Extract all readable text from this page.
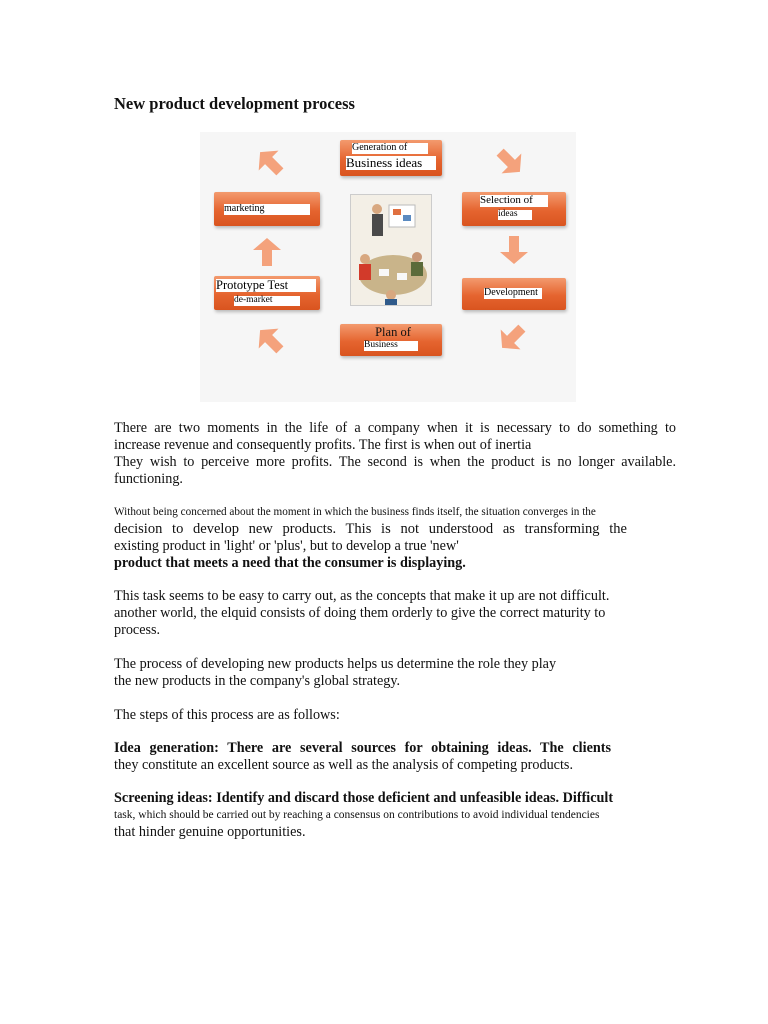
New product development process
Generation of
Business ideas
Selection of
ideas
Development
Plan of
Business
Prototype Test
de-market
marketing
There are two moments in the life of a company when it is necessary to do something to
increase revenue and consequently profits. The first is when out of inertia
They wish to perceive more profits. The second is when the product is no longer available.
functioning.
Without being concerned about the moment in which the business finds itself, the situation converges in the
decision to develop new products. This is not understood as transforming the
existing product in 'light' or 'plus', but to develop a true 'new'
product that meets a need that the consumer is displaying.
This task seems to be easy to carry out, as the concepts that make it up are not difficult.
another world, the elquid consists of doing them orderly to give the correct maturity to
process.
The process of developing new products helps us determine the role they play
the new products in the company's global strategy.
The steps of this process are as follows:
Idea generation: There are several sources for obtaining ideas. The clients
they constitute an excellent source as well as the analysis of competing products.
Screening ideas: Identify and discard those deficient and unfeasible ideas. Difficult
task, which should be carried out by reaching a consensus on contributions to avoid individual tendencies
that hinder genuine opportunities.
